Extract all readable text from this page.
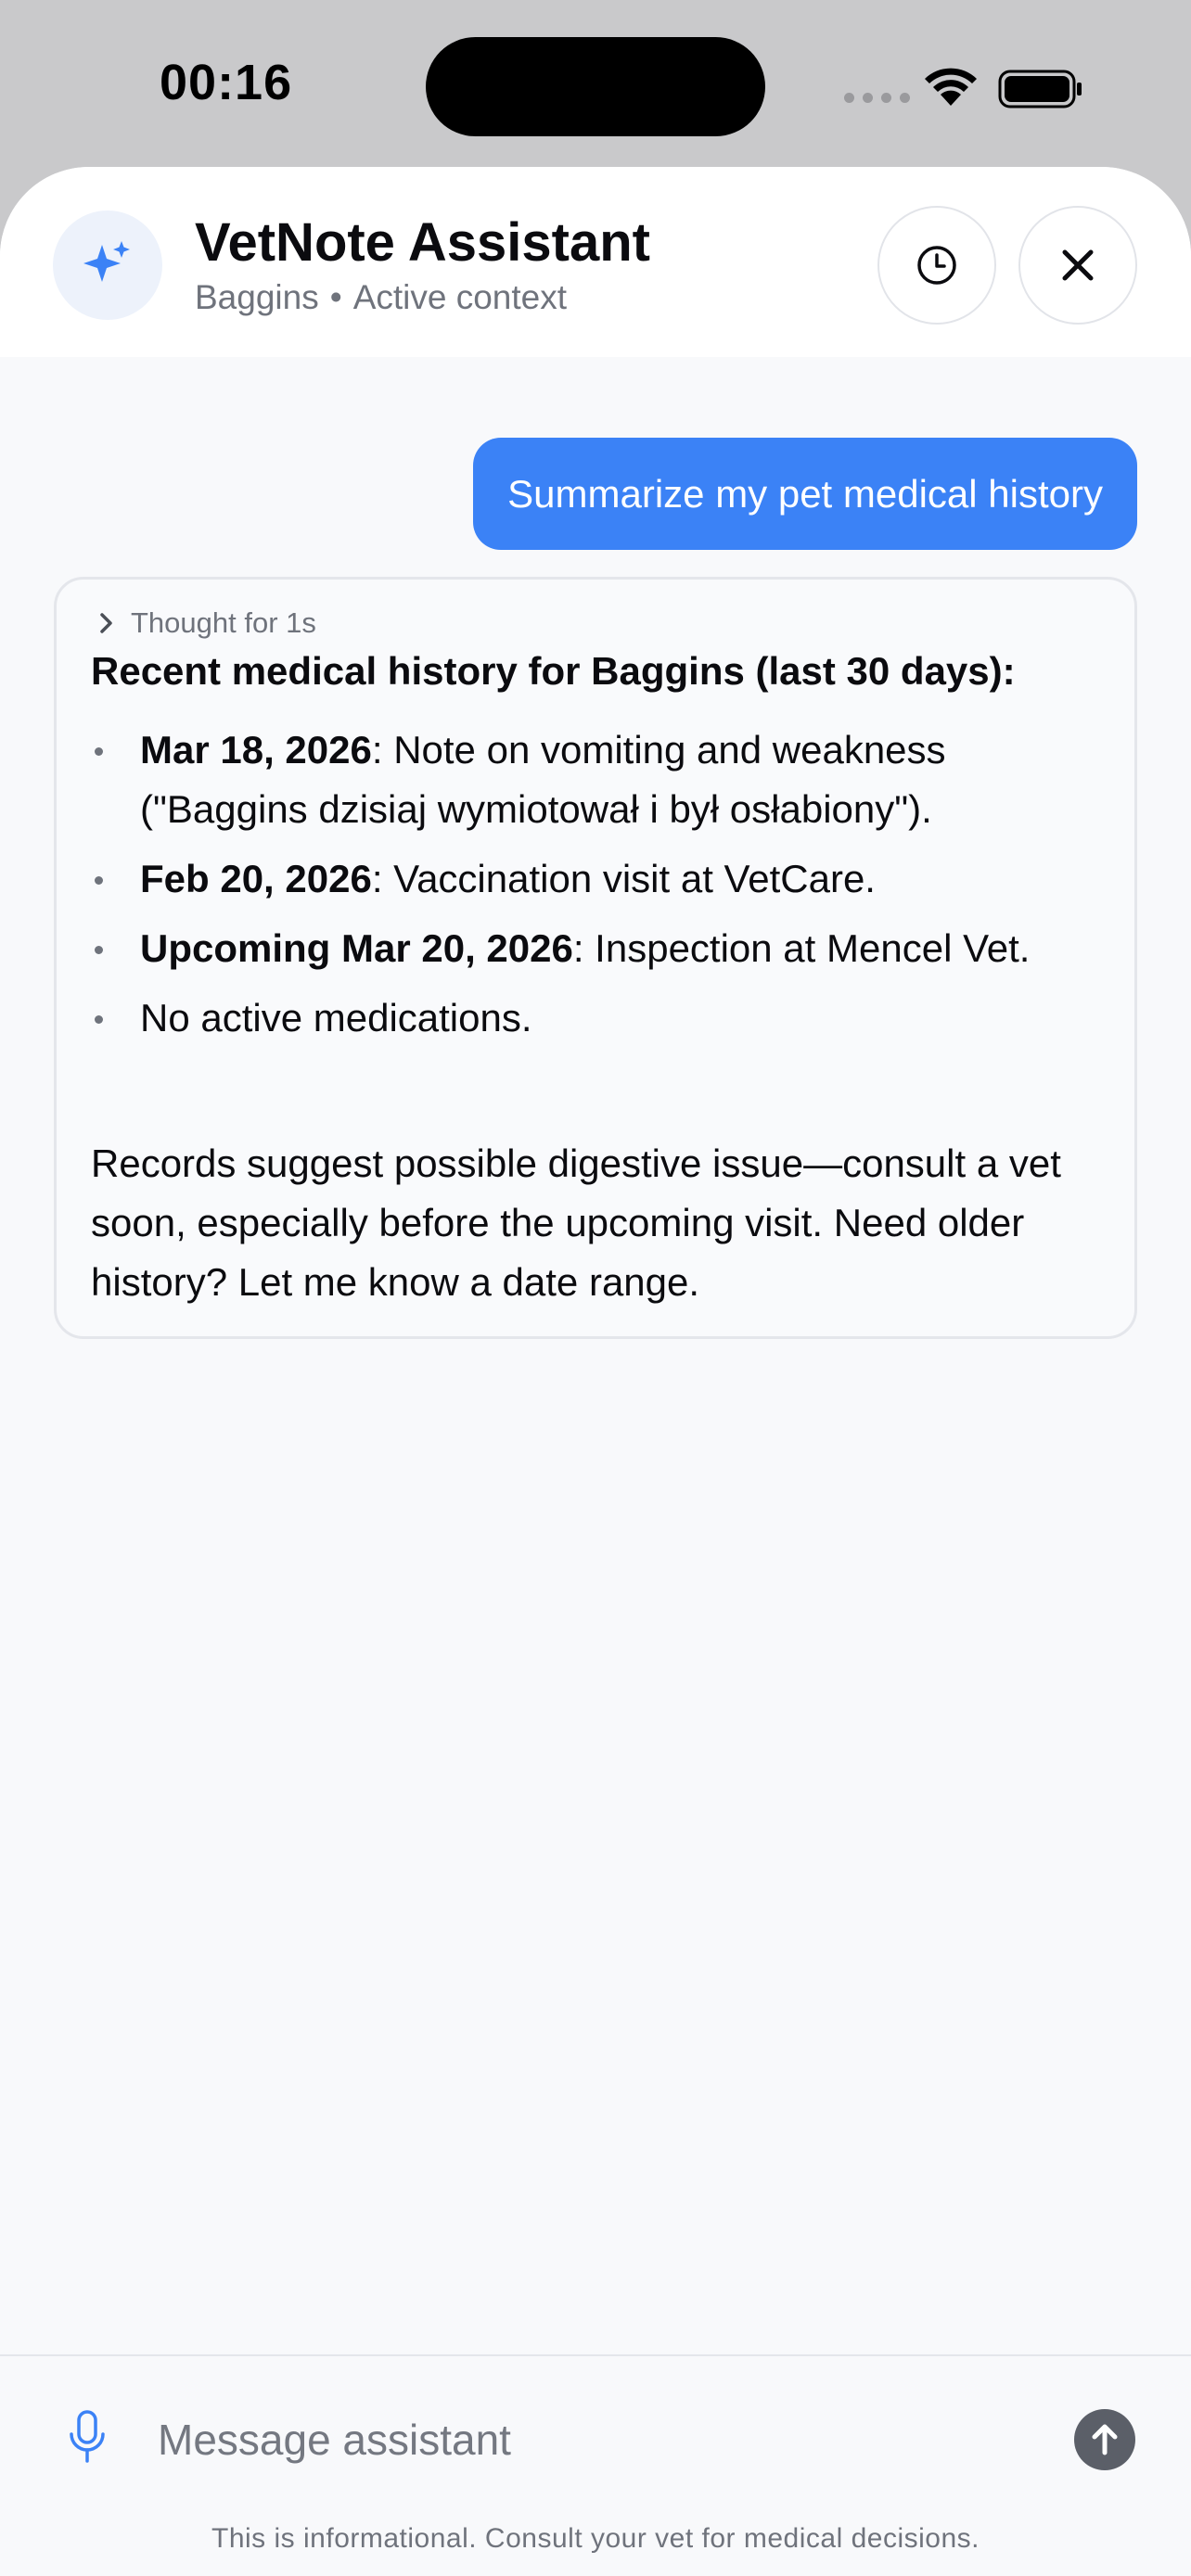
00:16
VetNote Assistant
Baggins • Active context
Summarize my pet medical history
Thought for 1s
Recent medical history for Baggins (last 30 days):
Mar 18, 2026: Note on vomiting and weakness ("Baggins dzisiaj wymiotował i był osłabiony").
Feb 20, 2026: Vaccination visit at VetCare.
Upcoming Mar 20, 2026: Inspection at Mencel Vet.
No active medications.
Records suggest possible digestive issue—consult a vet soon, especially before the upcoming visit. Need older history? Let me know a date range.
Message assistant
This is informational. Consult your vet for medical decisions.
